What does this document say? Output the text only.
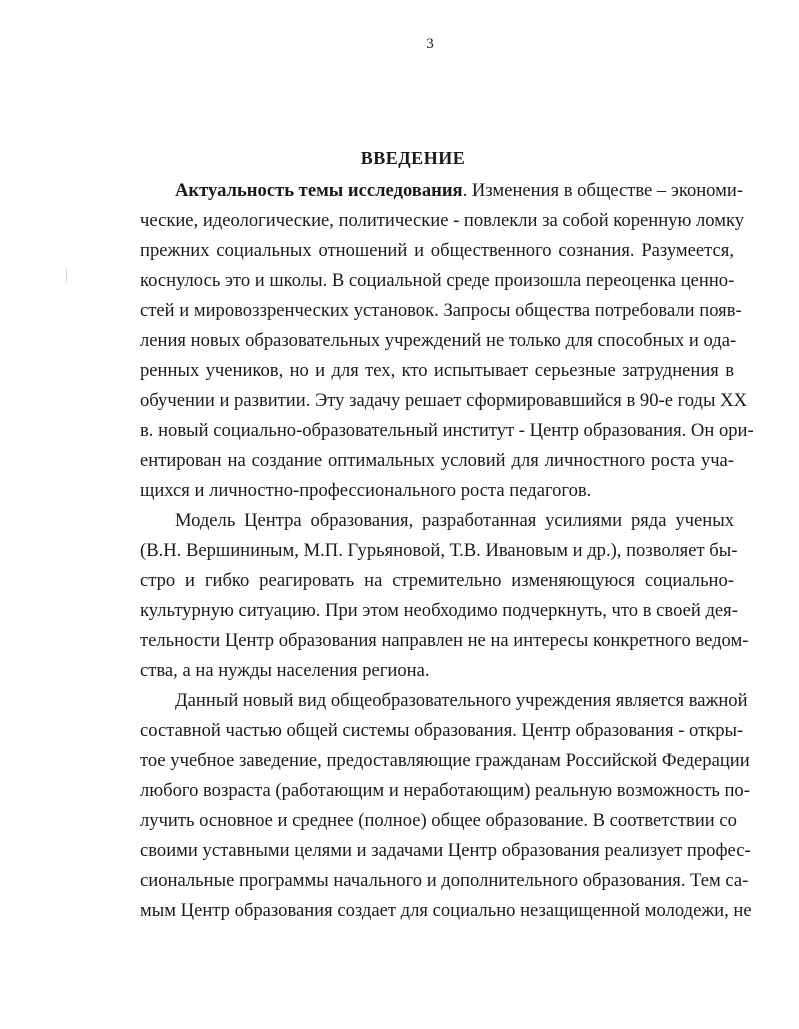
3
ВВЕДЕНИЕ
Актуальность темы исследования. Изменения в обществе – экономи-
ческие, идеологические, политические - повлекли за собой коренную ломку
прежних социальных отношений и общественного сознания. Разумеется,
коснулось это и школы. В социальной среде произошла переоценка ценно-
стей и мировоззренческих установок. Запросы общества потребовали появ-
ления новых образовательных учреждений не только для способных и ода-
ренных учеников, но и для тех, кто испытывает серьезные затруднения в
обучении и развитии. Эту задачу решает сформировавшийся в 90-е годы XX
в. новый социально-образовательный институт - Центр образования. Он ори-
ентирован на создание оптимальных условий для личностного роста уча-
щихся и личностно-профессионального роста педагогов.
Модель Центра образования, разработанная усилиями ряда ученых
(В.Н. Вершининым, М.П. Гурьяновой, Т.В. Ивановым и др.), позволяет бы-
стро и гибко реагировать на стремительно изменяющуюся социально-
культурную ситуацию. При этом необходимо подчеркнуть, что в своей дея-
тельности Центр образования направлен не на интересы конкретного ведом-
ства, а на нужды населения региона.
Данный новый вид общеобразовательного учреждения является важной
составной частью общей системы образования. Центр образования - откры-
тое учебное заведение, предоставляющие гражданам Российской Федерации
любого возраста (работающим и неработающим) реальную возможность по-
лучить основное и среднее (полное) общее образование. В соответствии со
своими уставными целями и задачами Центр образования реализует профес-
сиональные программы начального и дополнительного образования. Тем са-
мым Центр образования создает для социально незащищенной молодежи, не
